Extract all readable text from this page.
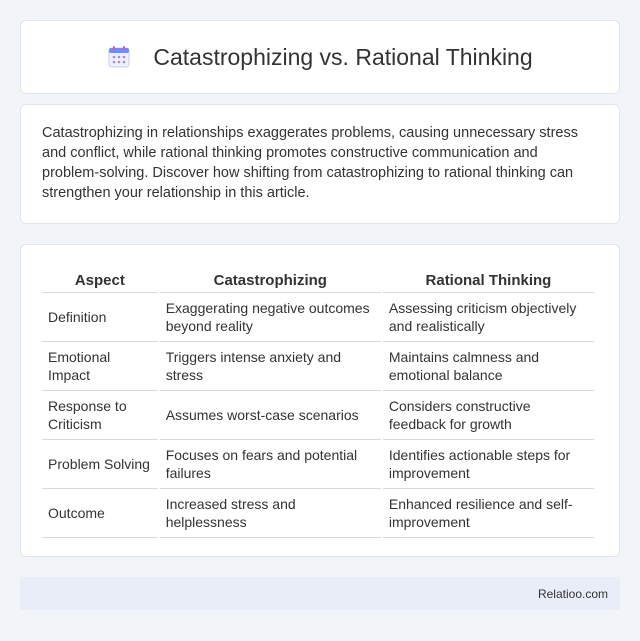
Catastrophizing vs. Rational Thinking

Catastrophizing in relationships exaggerates problems, causing unnecessary stress and conflict, while rational thinking promotes constructive communication and problem-solving. Discover how shifting from catastrophizing to rational thinking can strengthen your relationship in this article.

Aspect	Catastrophizing	Rational Thinking
Definition	Exaggerating negative outcomes beyond reality	Assessing criticism objectively and realistically
Emotional Impact	Triggers intense anxiety and stress	Maintains calmness and emotional balance
Response to Criticism	Assumes worst-case scenarios	Considers constructive feedback for growth
Problem Solving	Focuses on fears and potential failures	Identifies actionable steps for improvement
Outcome	Increased stress and helplessness	Enhanced resilience and self-improvement
Relatioo.com
